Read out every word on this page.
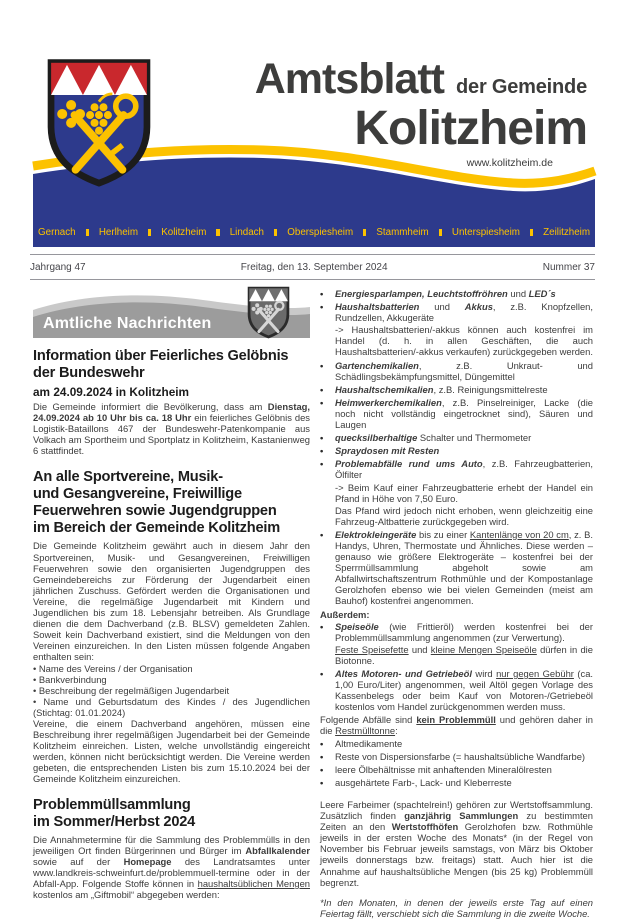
Amtsblatt der Gemeinde
Kolitzheim
www.kolitzheim.de
Gernach Herlheim Kolitzheim Lindach Oberspiesheim Stammheim Unterspiesheim Zeilitzheim
Jahrgang 47	Freitag, den 13. September 2024	Nummer 37
Amtliche Nachrichten
Information über Feierliches Gelöbnis
der Bundeswehr
am 24.09.2024 in Kolitzheim

Die Gemeinde informiert die Bevölkerung, dass am Dienstag, 24.09.2024 ab 10 Uhr bis ca. 18 Uhr ein feierliches Gelöbnis des Logistik-Bataillons 467 der Bundeswehr-Patenkompanie aus Volkach am Sportheim und Sportplatz in Kolitzheim, Kastanienweg 6 stattfindet.

An alle Sportvereine, Musik-
und Gesangvereine, Freiwillige
Feuerwehren sowie Jugendgruppen
im Bereich der Gemeinde Kolitzheim

Die Gemeinde Kolitzheim gewährt auch in diesem Jahr den Sportvereinen, Musik- und Gesangvereinen, Freiwilligen Feuerwehren sowie den organisierten Jugendgruppen des Gemeindebereichs zur Förderung der Jugendarbeit einen jährlichen Zuschuss. Gefördert werden die Organisationen und Vereine, die regelmäßige Jugendarbeit mit Kindern und Jugendlichen bis zum 18. Lebensjahr betreiben. Als Grundlage dienen die dem Dachverband (z.B. BLSV) gemeldeten Zahlen. Soweit kein Dachverband existiert, sind die Meldungen von den Vereinen einzureichen. In den Listen müssen folgende Angaben enthalten sein:

• Name des Vereins / der Organisation

• Bankverbindung

• Beschreibung der regelmäßigen Jugendarbeit

• Name und Geburtsdatum des Kindes / des Jugendlichen (Stichtag: 01.01.2024)

Vereine, die einem Dachverband angehören, müssen eine Beschreibung ihrer regelmäßigen Jugendarbeit bei der Gemeinde Kolitzheim einreichen. Listen, welche unvollständig eingereicht werden, können nicht berücksichtigt werden. Die Vereine werden gebeten, die entsprechenden Listen bis zum 15.10.2024 bei der Gemeinde Kolitzheim einzureichen.

Problemmüllsammlung
im Sommer/Herbst 2024

Die Annahmetermine für die Sammlung des Problemmülls in den jeweiligen Ort finden Bürgerinnen und Bürger im Abfallkalender sowie auf der Homepage des Landratsamtes unter www.landkreis-schweinfurt.de/problemmuell-termine oder in der Abfall-App. Folgende Stoffe können in haushaltsüblichen Mengen kostenlos am „Giftmobil“ abgegeben werden:

•	Energiesparlampen, Leuchtstoffröhren und LED´s
•	Haushaltsbatterien und Akkus, z.B. Knopfzellen, Rundzellen, Akkugeräte

-> Haushaltsbatterien/-akkus können auch kostenfrei im Handel (d. h. in allen Geschäften, die auch Haushaltsbatterien/-akkus verkaufen) zurückgegeben werden.

•	Gartenchemikalien, z.B. Unkraut- und Schädlingsbekämpfungsmittel, Düngemittel
•	Haushaltschemikalien, z.B. Reinigungsmittelreste
•	Heimwerkerchemikalien, z.B. Pinselreiniger, Lacke (die noch nicht vollständig eingetrocknet sind), Säuren und Laugen
•	quecksilberhaltige Schalter und Thermometer
•	Spraydosen mit Resten
•	Problemabfälle rund ums Auto, z.B. Fahrzeugbatterien, Ölfilter

-> Beim Kauf einer Fahrzeugbatterie erhebt der Handel ein Pfand in Höhe von 7,50 Euro.

Das Pfand wird jedoch nicht erhoben, wenn gleichzeitig eine Fahrzeug-Altbatterie zurückgegeben wird.

•	Elektrokleingeräte bis zu einer Kantenlänge von 20 cm, z. B. Handys, Uhren, Thermostate und Ähnliches. Diese werden – genauso wie größere Elektrogeräte – kostenfrei bei der Sperrmüllsammlung abgeholt sowie am Abfallwirtschaftszentrum Rothmühle und der Kompostanlage Gerolzhofen ebenso wie bei vielen Gemeinden (meist am Bauhof) kostenfrei angenommen.

Außerdem:

•	Speiseöle (wie Frittieröl) werden kostenfrei bei der Problemmüllsammlung angenommen (zur Verwertung).

Feste Speisefette und kleine Mengen Speiseöle dürfen in die Biotonne.

•	Altes Motoren- und Getriebeöl wird nur gegen Gebühr (ca. 1,00 Euro/Liter) angenommen, weil Altöl gegen Vorlage des Kassenbelegs oder beim Kauf von Motoren-/Getriebeöl kostenlos vom Handel zurückgenommen werden muss.

Folgende Abfälle sind kein Problemmüll und gehören daher in die Restmülltonne:

•	Altmedikamente
•	Reste von Dispersionsfarbe (= haushaltsübliche Wandfarbe)
•	leere Ölbehältnisse mit anhaftenden Mineralölresten
•	ausgehärtete Farb-, Lack- und Kleberreste

Leere Farbeimer (spachtelrein!) gehören zur Wertstoffsammlung. Zusätzlich finden ganzjährig Sammlungen zu bestimmten Zeiten an den Wertstoffhöfen Gerolzhofen bzw. Rothmühle jeweils in der ersten Woche des Monats* (in der Regel von November bis Februar jeweils samstags, von März bis Oktober jeweils donnerstags bzw. freitags) statt. Auch hier ist die Annahme auf haushaltsübliche Mengen (bis 25 kg) Problemmüll begrenzt.

*In den Monaten, in denen der jeweils erste Tag auf einen Feiertag fällt, verschiebt sich die Sammlung in die zweite Woche.
